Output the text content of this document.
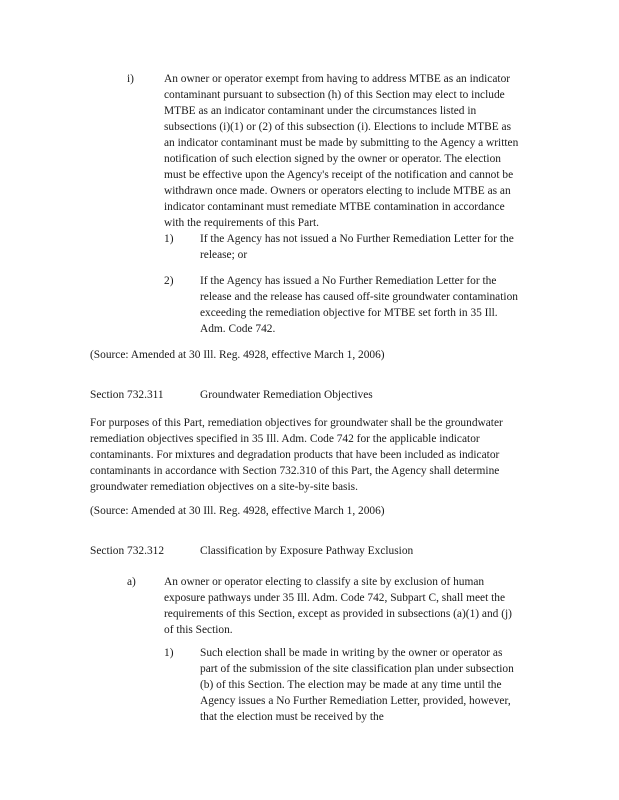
i)	An owner or operator exempt from having to address MTBE as an indicator contaminant pursuant to subsection (h) of this Section may elect to include MTBE as an indicator contaminant under the circumstances listed in subsections (i)(1) or (2) of this subsection (i). Elections to include MTBE as an indicator contaminant must be made by submitting to the Agency a written notification of such election signed by the owner or operator. The election must be effective upon the Agency's receipt of the notification and cannot be withdrawn once made. Owners or operators electing to include MTBE as an indicator contaminant must remediate MTBE contamination in accordance with the requirements of this Part.
1) If the Agency has not issued a No Further Remediation Letter for the release; or
2) If the Agency has issued a No Further Remediation Letter for the release and the release has caused off-site groundwater contamination exceeding the remediation objective for MTBE set forth in 35 Ill. Adm. Code 742.
(Source: Amended at 30 Ill. Reg. 4928, effective March 1, 2006)
Section 732.311	Groundwater Remediation Objectives
For purposes of this Part, remediation objectives for groundwater shall be the groundwater remediation objectives specified in 35 Ill. Adm. Code 742 for the applicable indicator contaminants. For mixtures and degradation products that have been included as indicator contaminants in accordance with Section 732.310 of this Part, the Agency shall determine groundwater remediation objectives on a site-by-site basis.
(Source: Amended at 30 Ill. Reg. 4928, effective March 1, 2006)
Section 732.312	Classification by Exposure Pathway Exclusion
a) An owner or operator electing to classify a site by exclusion of human exposure pathways under 35 Ill. Adm. Code 742, Subpart C, shall meet the requirements of this Section, except as provided in subsections (a)(1) and (j) of this Section.
1) Such election shall be made in writing by the owner or operator as part of the submission of the site classification plan under subsection (b) of this Section. The election may be made at any time until the Agency issues a No Further Remediation Letter, provided, however, that the election must be received by the
